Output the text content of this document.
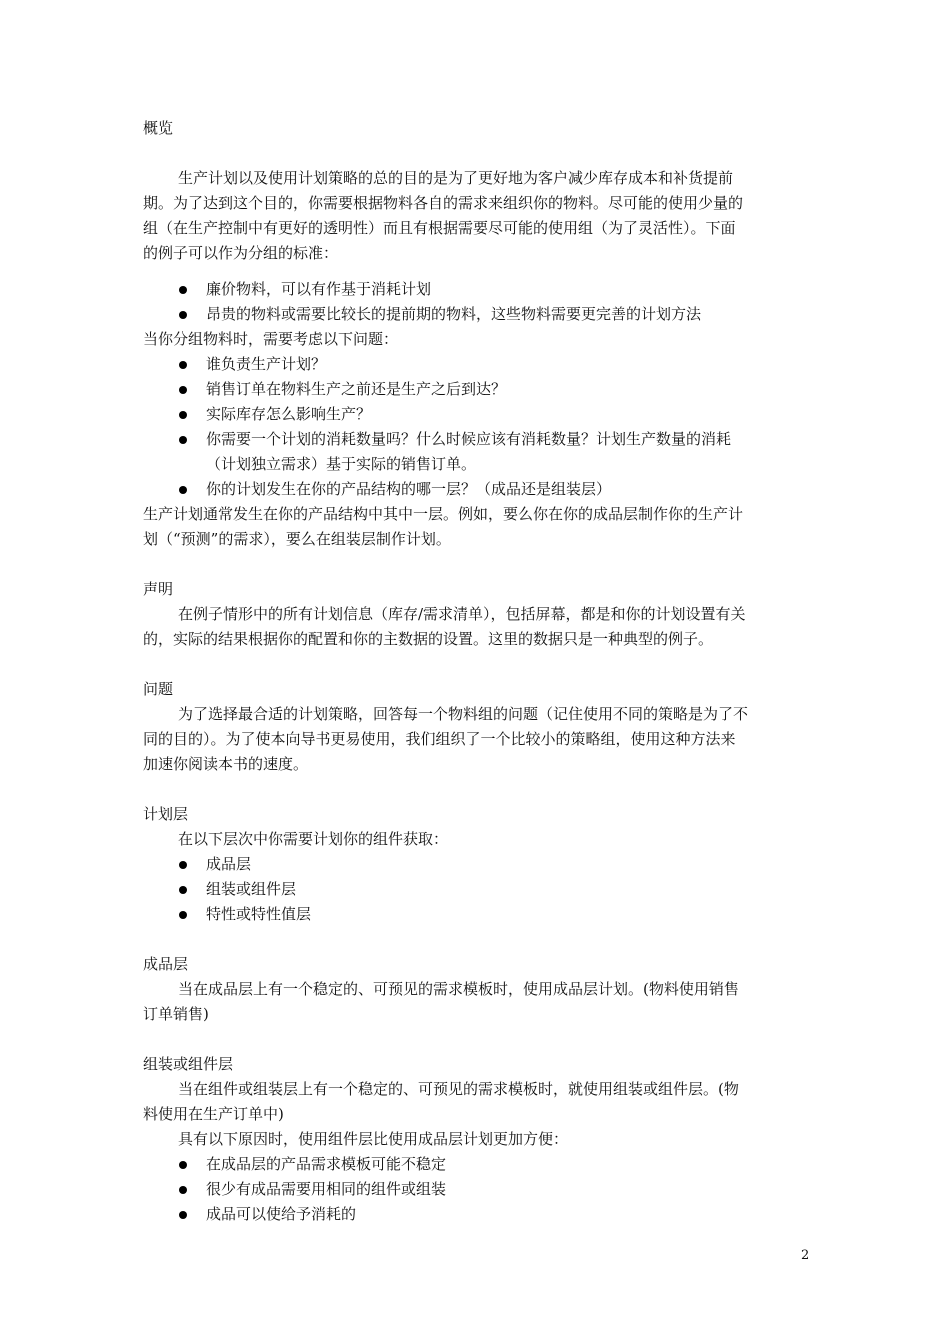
概览
生产计划以及使用计划策略的总的目的是为了更好地为客户减少库存成本和补货提前
期。为了达到这个目的，你需要根据物料各自的需求来组织你的物料。尽可能的使用少量的
组（在生产控制中有更好的透明性）而且有根据需要尽可能的使用组（为了灵活性）。下面
的例子可以作为分组的标准：
廉价物料，可以有作基于消耗计划
昂贵的物料或需要比较长的提前期的物料，这些物料需要更完善的计划方法
当你分组物料时，需要考虑以下问题：
谁负责生产计划？
销售订单在物料生产之前还是生产之后到达？
实际库存怎么影响生产？
你需要一个计划的消耗数量吗？什么时候应该有消耗数量？计划生产数量的消耗
（计划独立需求）基于实际的销售订单。
你的计划发生在你的产品结构的哪一层？（成品还是组装层）
生产计划通常发生在你的产品结构中其中一层。例如，要么你在你的成品层制作你的生产计
划（“预测”的需求），要么在组装层制作计划。
声明
在例子情形中的所有计划信息（库存/需求清单），包括屏幕，都是和你的计划设置有关
的，实际的结果根据你的配置和你的主数据的设置。这里的数据只是一种典型的例子。
问题
为了选择最合适的计划策略，回答每一个物料组的问题（记住使用不同的策略是为了不
同的目的）。为了使本向导书更易使用，我们组织了一个比较小的策略组，使用这种方法来
加速你阅读本书的速度。
计划层
在以下层次中你需要计划你的组件获取：
成品层
组装或组件层
特性或特性值层
成品层
当在成品层上有一个稳定的、可预见的需求模板时，使用成品层计划。(物料使用销售
订单销售)
组装或组件层
当在组件或组装层上有一个稳定的、可预见的需求模板时，就使用组装或组件层。(物
料使用在生产订单中)
具有以下原因时，使用组件层比使用成品层计划更加方便：
在成品层的产品需求模板可能不稳定
很少有成品需要用相同的组件或组装
成品可以使给予消耗的
2
